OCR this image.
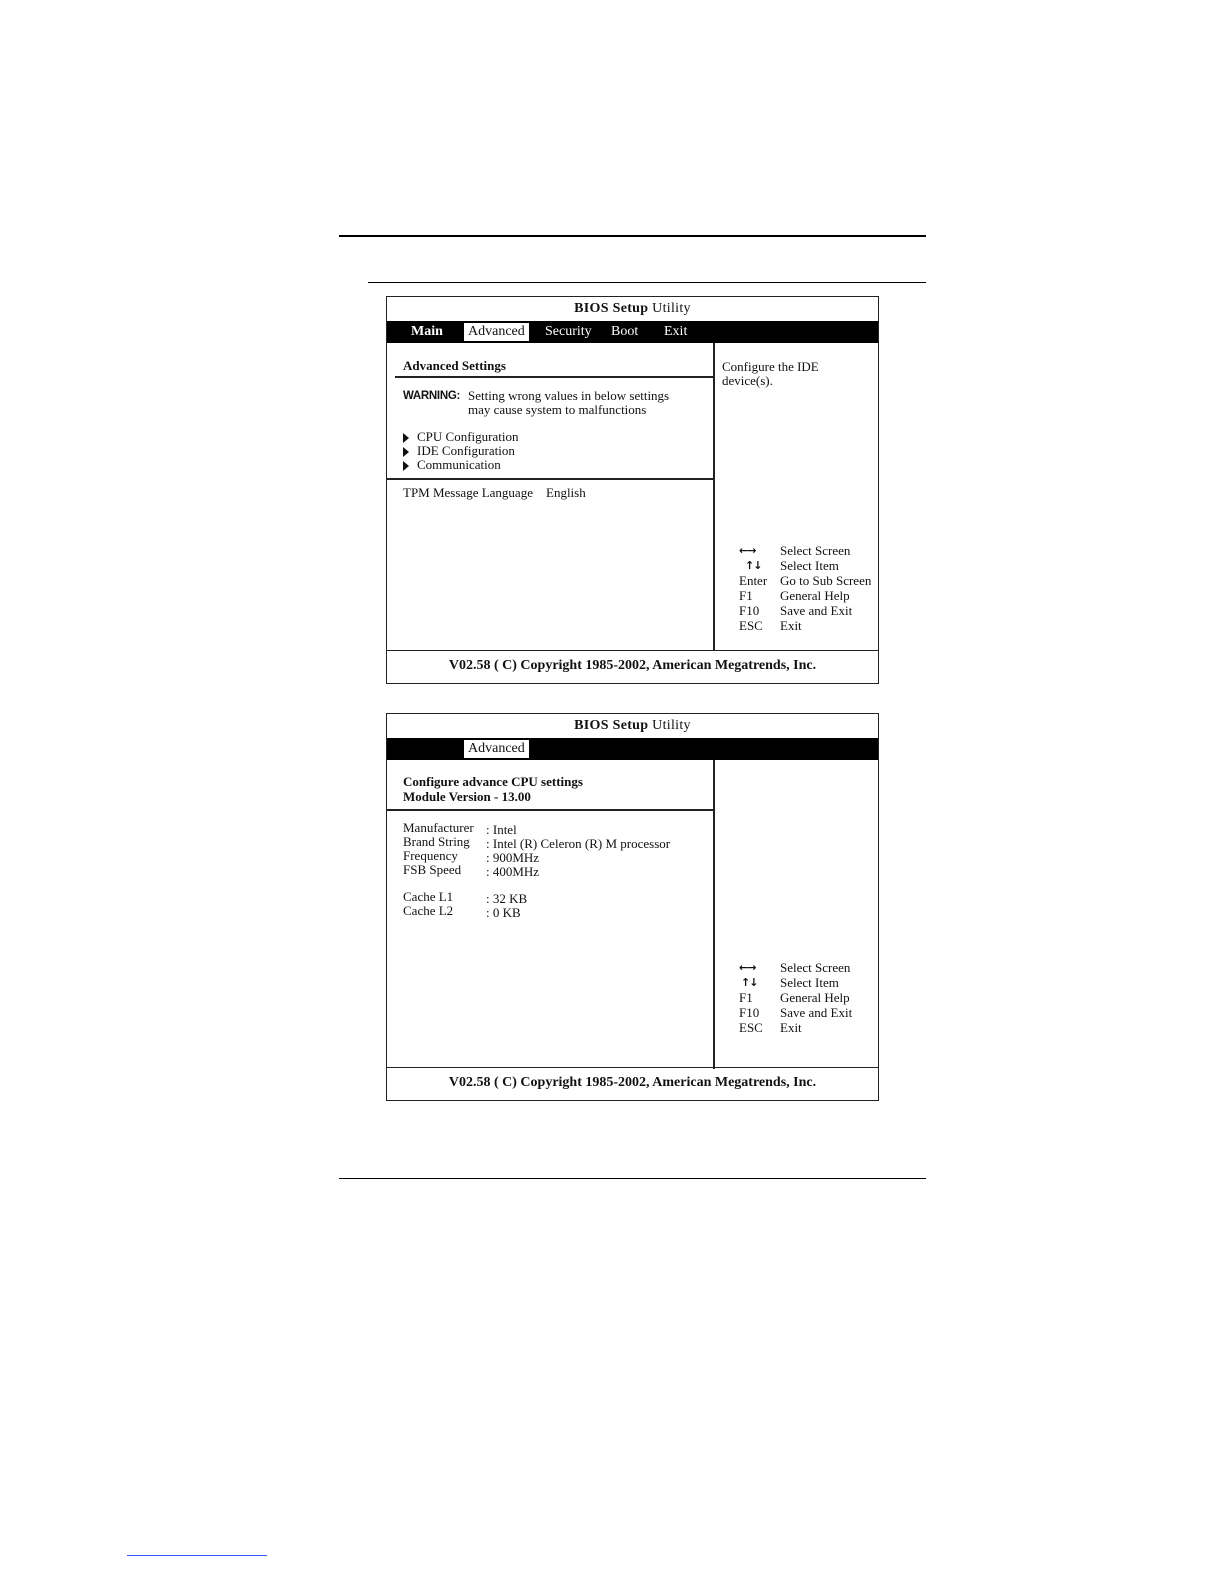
BIOS Setup Utility
Main Advanced Security Boot Exit
Advanced Settings
WARNING: Setting wrong values in below settings
may cause system to malfunctions
CPU Configuration
IDE Configuration
Communication
TPM Message Language English
Configure the IDE
device(s).
←→	Select Screen
↑↓	Select Item
Enter Go to Sub Screen
F1	General Help
F10	Save and Exit
ESC	Exit
V02.58 ( C) Copyright 1985-2002, American Megatrends, Inc.
BIOS Setup Utility
Advanced
Configure advance CPU settings
Module Version - 13.00
Manufacturer : Intel
Brand String : Intel (R) Celeron (R) M processor
Frequency : 900MHz
FSB Speed : 400MHz
Cache L1	: 32 KB
Cache L2	: 0 KB
←→	Select Screen
↑↓	Select Item
F1	General Help
F10	Save and Exit
ESC	Exit
V02.58 ( C) Copyright 1985-2002, American Megatrends, Inc.
